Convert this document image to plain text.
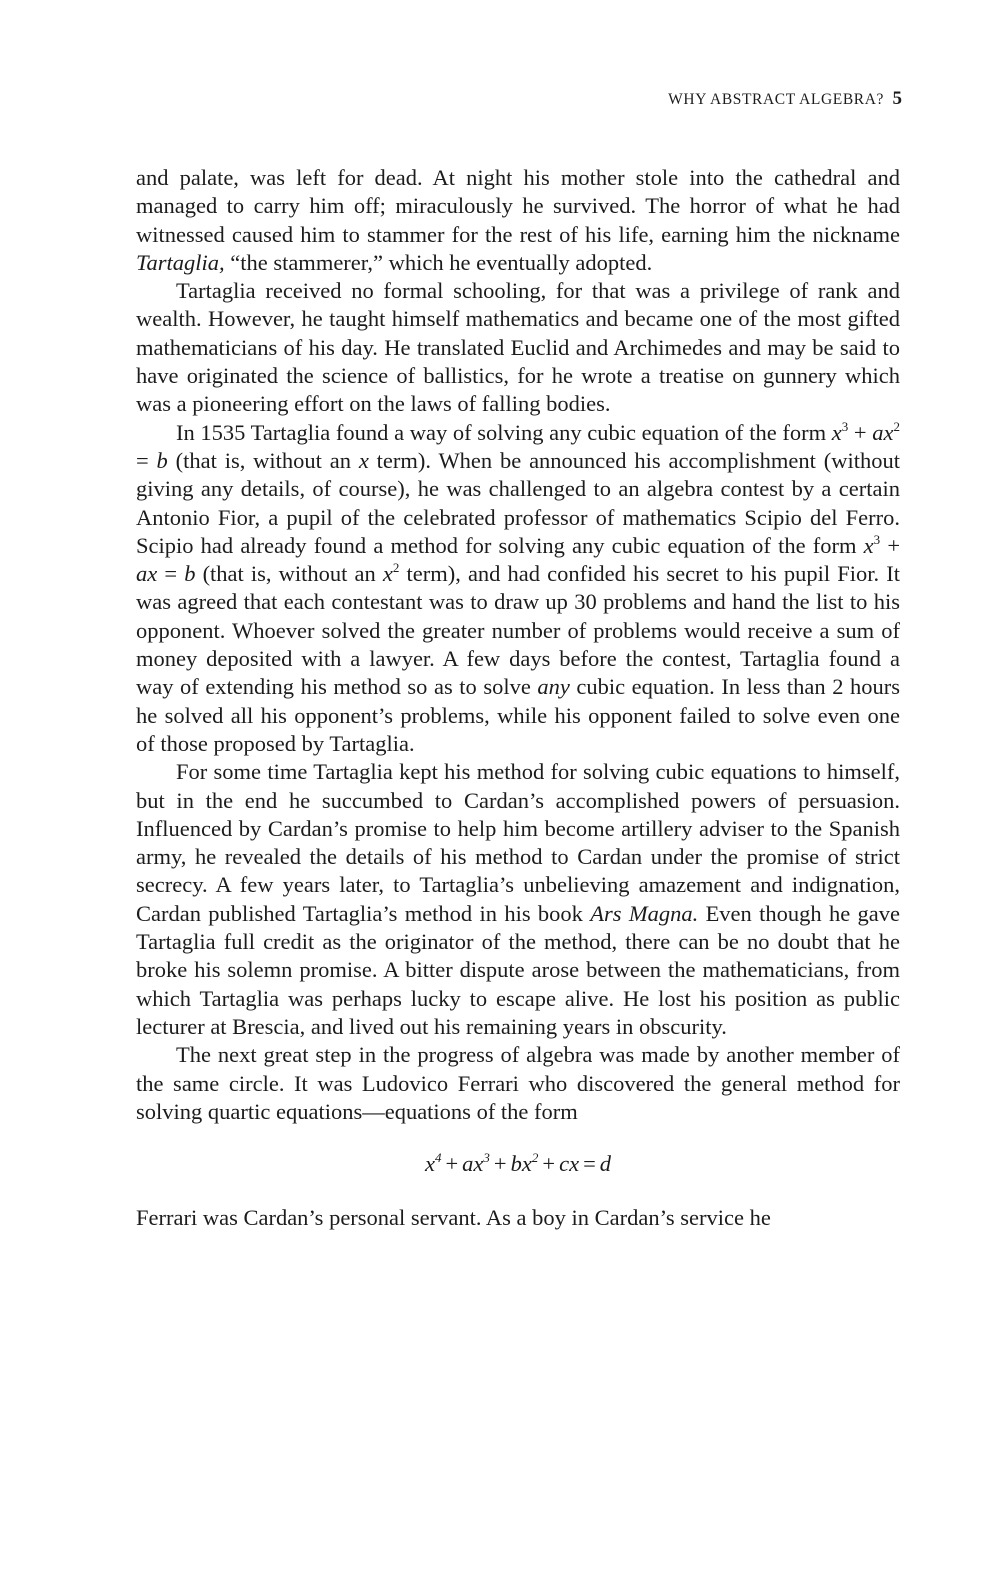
WHY ABSTRACT ALGEBRA? 5

and palate, was left for dead. At night his mother stole into the cathedral and managed to carry him off; miraculously he survived. The horror of what he had witnessed caused him to stammer for the rest of his life, earning him the nickname Tartaglia, “the stammerer,” which he eventually adopted.

Tartaglia received no formal schooling, for that was a privilege of rank and wealth. However, he taught himself mathematics and became one of the most gifted mathematicians of his day. He translated Euclid and Archimedes and may be said to have originated the science of ballistics, for he wrote a treatise on gunnery which was a pioneering effort on the laws of falling bodies.

In 1535 Tartaglia found a way of solving any cubic equation of the form $x^3 + ax^2 = b$ (that is, without an x term). When be announced his accomplishment (without giving any details, of course), he was challenged to an algebra contest by a certain Antonio Fior, a pupil of the celebrated professor of mathematics Scipio del Ferro. Scipio had already found a method for solving any cubic equation of the form $x^3$ + ax = b (that is, without an $x^2$ term), and had confided his secret to his pupil Fior. It was agreed that each contestant was to draw up 30 problems and hand the list to his opponent. Whoever solved the greater number of problems would receive a sum of money deposited with a lawyer. A few days before the contest, Tartaglia found a way of extending his method so as to solve any cubic equation. In less than 2 hours he solved all his opponent’s problems, while his opponent failed to solve even one of those proposed by Tartaglia.

For some time Tartaglia kept his method for solving cubic equations to himself, but in the end he succumbed to Cardan’s accomplished powers of persuasion. Influenced by Cardan’s promise to help him become artillery adviser to the Spanish army, he revealed the details of his method to Cardan under the promise of strict secrecy. A few years later, to Tartaglia’s unbelieving amazement and indignation, Cardan published Tartaglia’s method in his book Ars Magna. Even though he gave Tartaglia full credit as the originator of the method, there can be no doubt that he broke his solemn promise. A bitter dispute arose between the mathematicians, from which Tartaglia was perhaps lucky to escape alive. He lost his position as public lecturer at Brescia, and lived out his remaining years in obscurity.

The next great step in the progress of algebra was made by another member of the same circle. It was Ludovico Ferrari who discovered the general method for solving quartic equations—equations of the form

$x^4 + ax^3 + bx^2$ + cx = d

Ferrari was Cardan’s personal servant. As a boy in Cardan’s service he
